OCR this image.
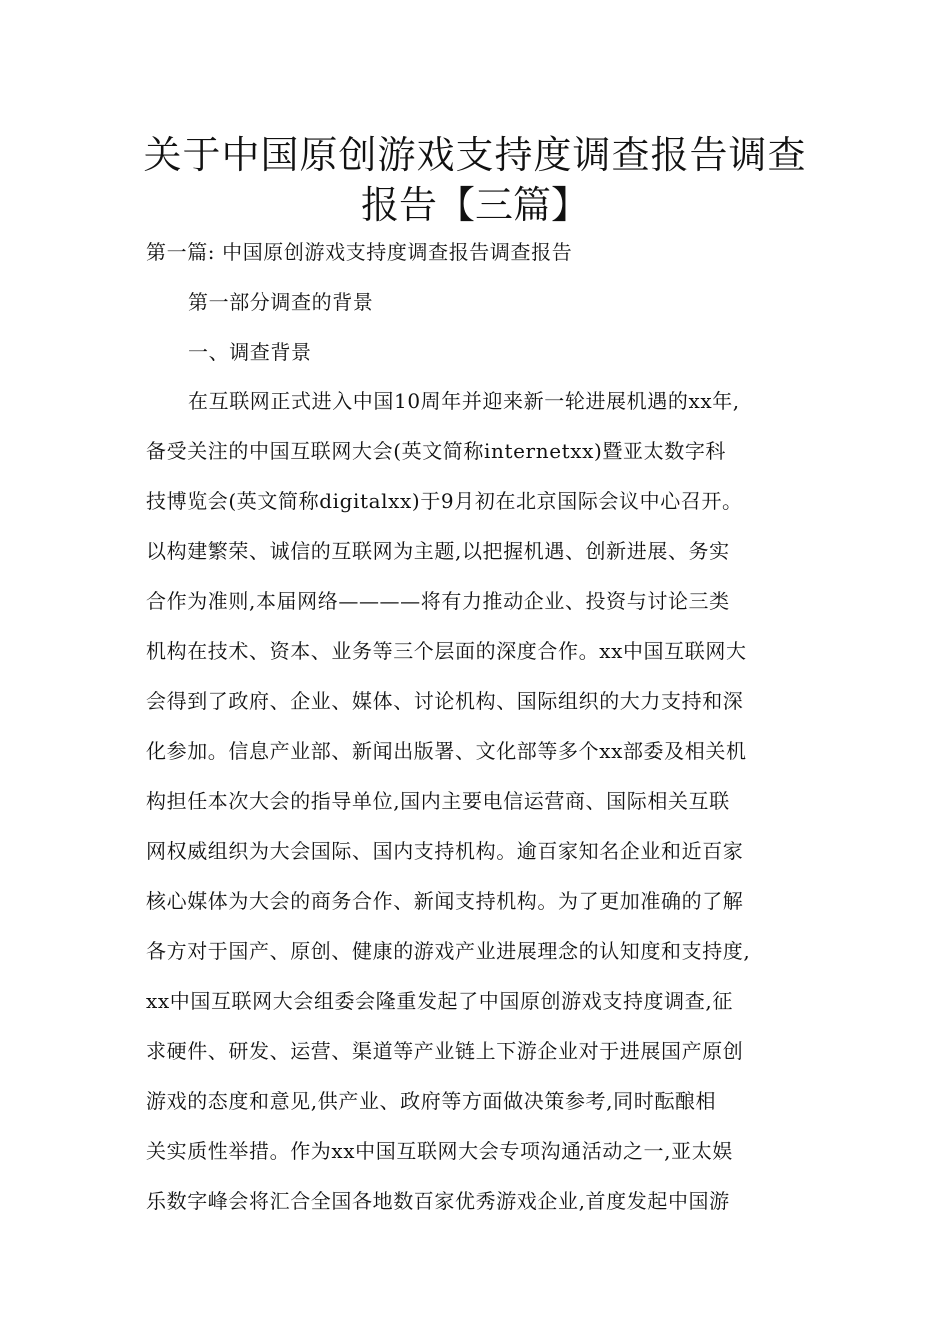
关于中国原创游戏支持度调查报告调查
报告【三篇】
第一篇: 中国原创游戏支持度调查报告调查报告
第一部分调查的背景
一、调查背景
在互联网正式进入中国10周年并迎来新一轮进展机遇的xx年,
备受关注的中国互联网大会(英文简称internetxx)暨亚太数字科
技博览会(英文简称digitalxx)于9月初在北京国际会议中心召开。
以构建繁荣、诚信的互联网为主题,以把握机遇、创新进展、务实
合作为准则,本届网络————将有力推动企业、投资与讨论三类
机构在技术、资本、业务等三个层面的深度合作。xx中国互联网大
会得到了政府、企业、媒体、讨论机构、国际组织的大力支持和深
化参加。信息产业部、新闻出版署、文化部等多个xx部委及相关机
构担任本次大会的指导单位,国内主要电信运营商、国际相关互联
网权威组织为大会国际、国内支持机构。逾百家知名企业和近百家
核心媒体为大会的商务合作、新闻支持机构。为了更加准确的了解
各方对于国产、原创、健康的游戏产业进展理念的认知度和支持度,
xx中国互联网大会组委会隆重发起了中国原创游戏支持度调查,征
求硬件、研发、运营、渠道等产业链上下游企业对于进展国产原创
游戏的态度和意见,供产业、政府等方面做决策参考,同时酝酿相
关实质性举措。作为xx中国互联网大会专项沟通活动之一,亚太娱
乐数字峰会将汇合全国各地数百家优秀游戏企业,首度发起中国游
